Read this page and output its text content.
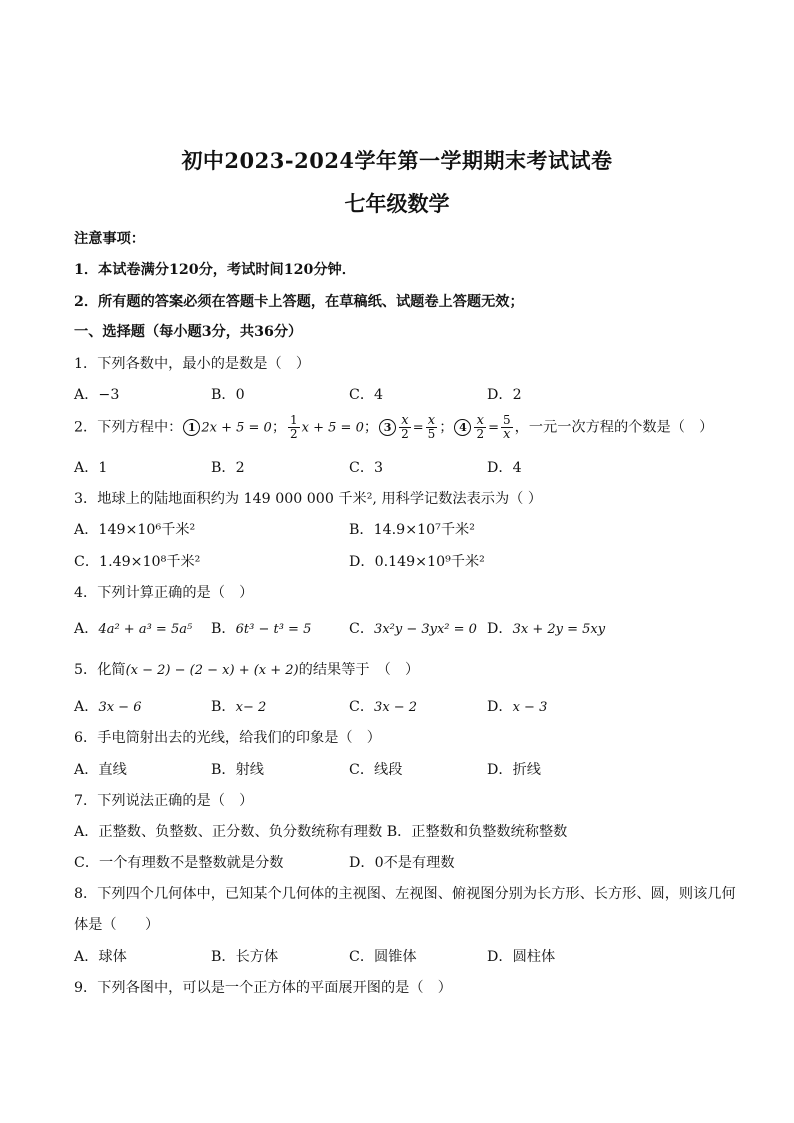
初中2023-2024学年第一学期期末考试试卷
七年级数学
注意事项：
1．本试卷满分120分，考试时间120分钟．
2．所有题的答案必须在答题卡上答题，在草稿纸、试题卷上答题无效；
一、选择题（每小题3分，共36分）
1．下列各数中，最小的是数是（　）
A．−3	B．0	C．4	D．2
2．下列方程中： 1 2x + 5 = 0； $\frac{1}{2}$ x + 5 = 0； $3 \frac{x}{2} = \frac{x}{5}$ ； $4 \frac{x}{2} = \frac{5}{x}$ ，一元一次方程的个数是（　）
A．1	B．2	C．3	D．4
3．地球上的陆地面积约为 149 000 000 千米², 用科学记数法表示为（ ）
A．149×10⁶千米²	B．14.9×10⁷千米²
C．1.49×10⁸千米²	D．0.149×10⁹千米²
4．下列计算正确的是（　）
A．4a² + a³ = 5a⁵ B．6t³ − t³ = 5	C．3x²y − 3yx² = 0 D．3x + 2y = 5xy
5．化简(x − 2) − (2 − x) + (x + 2)的结果等于　（　）
A．3x − 6	B．x− 2	C．3x − 2	D．x − 3
6．手电筒射出去的光线，给我们的印象是（　）
A．直线	B．射线	C．线段	D．折线
7．下列说法正确的是（　）
A．正整数、负整数、正分数、负分数统称有理数 B．正整数和负整数统称整数
C．一个有理数不是整数就是分数	D．0不是有理数
8．下列四个几何体中，已知某个几何体的主视图、左视图、俯视图分别为长方形、长方形、圆，则该几何
体是（　　）
A．球体	B．长方体	C．圆锥体	D．圆柱体
9．下列各图中，可以是一个正方体的平面展开图的是（　）
